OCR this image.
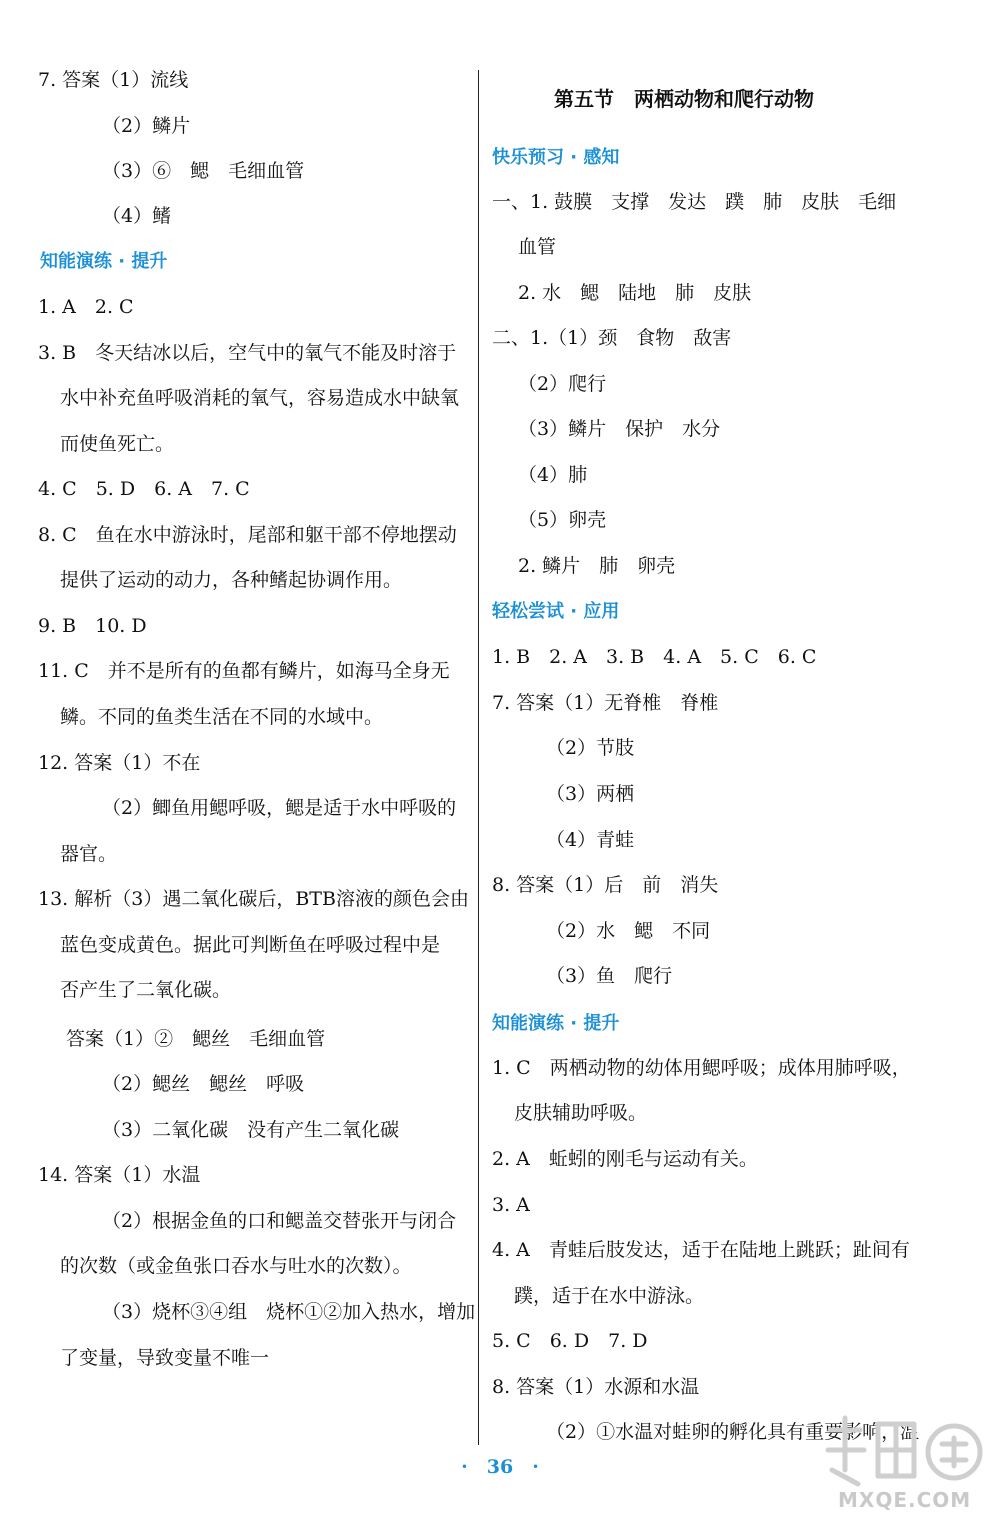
7. 答案（1）流线
（2）鳞片
（3）⑥　鳃　毛细血管
（4）鳍
知能演练 · 提升
1. A　2. C
3. B　冬天结冰以后，空气中的氧气不能及时溶于
水中补充鱼呼吸消耗的氧气，容易造成水中缺氧
而使鱼死亡。
4. C　5. D　6. A　7. C
8. C　鱼在水中游泳时，尾部和躯干部不停地摆动
提供了运动的动力，各种鳍起协调作用。
9. B　10. D
11. C　并不是所有的鱼都有鳞片，如海马全身无
鳞。不同的鱼类生活在不同的水域中。
12. 答案（1）不在
（2）鲫鱼用鳃呼吸，鳃是适于水中呼吸的
器官。
13. 解析（3）遇二氧化碳后，BTB溶液的颜色会由
蓝色变成黄色。据此可判断鱼在呼吸过程中是
否产生了二氧化碳。
答案（1）②　鳃丝　毛细血管
（2）鳃丝　鳃丝　呼吸
（3）二氧化碳　没有产生二氧化碳
14. 答案（1）水温
（2）根据金鱼的口和鳃盖交替张开与闭合
的次数（或金鱼张口吞水与吐水的次数）。
（3）烧杯③④组　烧杯①②加入热水，增加
了变量，导致变量不唯一
第五节　两栖动物和爬行动物
快乐预习 · 感知
一、1. 鼓膜　支撑　发达　蹼　肺　皮肤　毛细
血管
2. 水　鳃　陆地　肺　皮肤
二、1.（1）颈　食物　敌害
（2）爬行
（3）鳞片　保护　水分
（4）肺
（5）卵壳
2. 鳞片　肺　卵壳
轻松尝试 · 应用
1. B　2. A　3. B　4. A　5. C　6. C
7. 答案（1）无脊椎　脊椎
（2）节肢
（3）两栖
（4）青蛙
8. 答案（1）后　前　消失
（2）水　鳃　不同
（3）鱼　爬行
知能演练 · 提升
1. C　两栖动物的幼体用鳃呼吸；成体用肺呼吸，
皮肤辅助呼吸。
2. A　蚯蚓的刚毛与运动有关。
3. A
4. A　青蛙后肢发达，适于在陆地上跳跃；趾间有
蹼，适于在水中游泳。
5. C　6. D　7. D
8. 答案（1）水源和水温
（2）①水温对蛙卵的孵化具有重要影响，温
·　36　·
MXQE.COM
